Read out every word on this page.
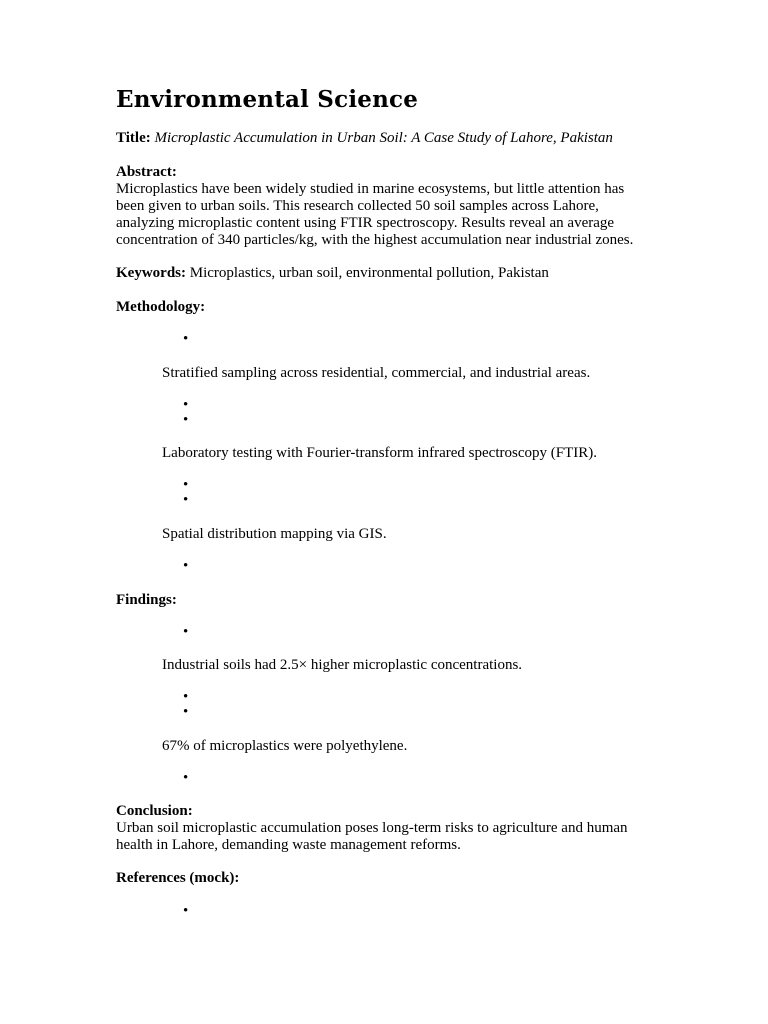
Environmental Science
Title: Microplastic Accumulation in Urban Soil: A Case Study of Lahore, Pakistan
Abstract:
Microplastics have been widely studied in marine ecosystems, but little attention has
been given to urban soils. This research collected 50 soil samples across Lahore,
analyzing microplastic content using FTIR spectroscopy. Results reveal an average
concentration of 340 particles/kg, with the highest accumulation near industrial zones.
Keywords: Microplastics, urban soil, environmental pollution, Pakistan
Methodology:
•
Stratified sampling across residential, commercial, and industrial areas.
•
•
Laboratory testing with Fourier-transform infrared spectroscopy (FTIR).
•
•
Spatial distribution mapping via GIS.
•
Findings:
•
Industrial soils had 2.5× higher microplastic concentrations.
•
•
67% of microplastics were polyethylene.
•
Conclusion:
Urban soil microplastic accumulation poses long-term risks to agriculture and human
health in Lahore, demanding waste management reforms.
References (mock):
•
